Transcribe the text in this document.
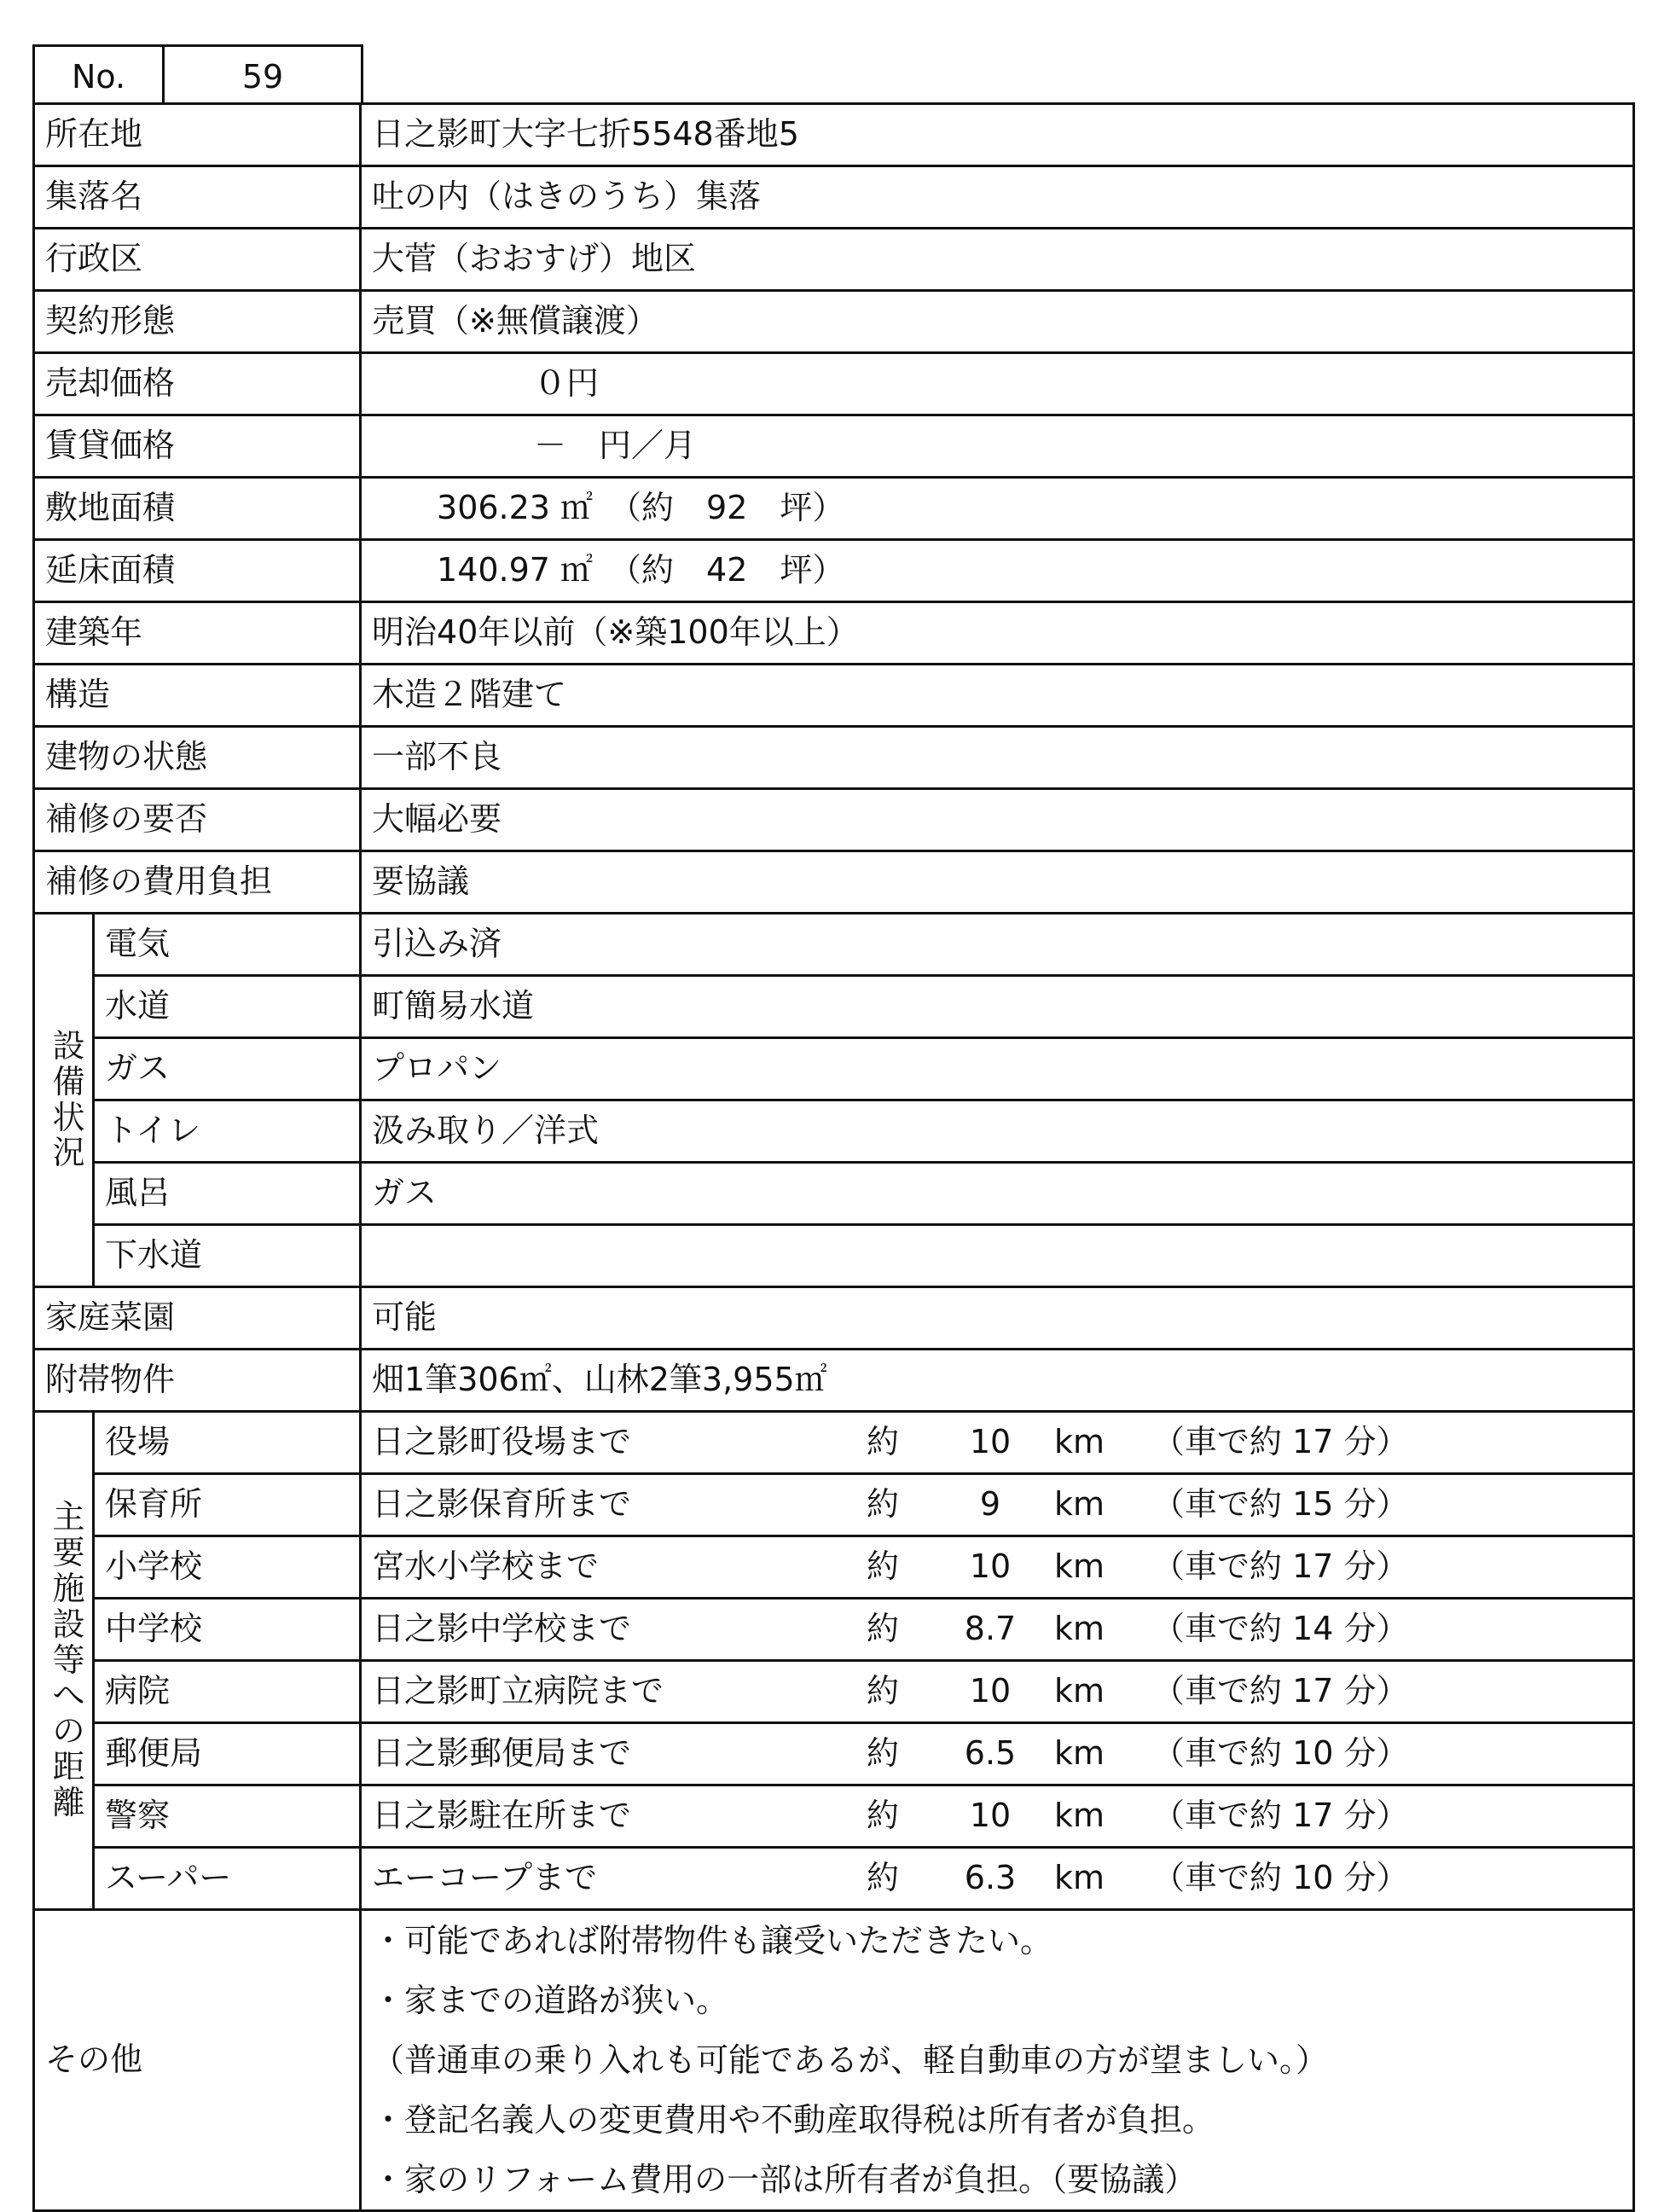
No.	59
所在地		日之影町大字七折5548番地5
集落名		吐の内（はきのうち）集落
行政区		大菅（おおすげ）地区
契約形態		売買（※無償譲渡）
売却価格		　　　　　０円
賃貸価格		　　　　　－　円／月
敷地面積		　　306.23 ㎡　（約　92　坪）
延床面積		　　140.97 ㎡　（約　42　坪）
建築年		明治40年以前（※築100年以上）
構造		木造２階建て
建物の状態		一部不良
補修の要否		大幅必要
補修の費用負担		要協議
設備状況	電気	引込み済
	水道	町簡易水道
	ガス	プロパン
	トイレ	汲み取り／洋式
	風呂	ガス
	下水道	
家庭菜園		可能
附帯物件		畑1筆306㎡、山林2筆3,955㎡
主要施設等への距離	役場	日之影町役場まで 約 10 km （車で約 17 分）

	保育所	日之影保育所まで 約 9 km （車で約 15 分）

	小学校	宮水小学校まで 約 10 km （車で約 17 分）

	中学校	日之影中学校まで 約 8.7 km （車で約 14 分）

	病院	日之影町立病院まで 約 10 km （車で約 17 分）

	郵便局	日之影郵便局まで 約 6.5 km （車で約 10 分）

	警察	日之影駐在所まで 約 10 km （車で約 17 分）

	スーパー	エーコープまで 約 6.3 km （車で約 10 分）

その他		・可能であれば附帯物件も譲受いただきたい。
・家までの道路が狭い。
（普通車の乗り入れも可能であるが、軽自動車の方が望ましい。）
・登記名義人の変更費用や不動産取得税は所有者が負担。
・家のリフォーム費用の一部は所有者が負担。（要協議）
